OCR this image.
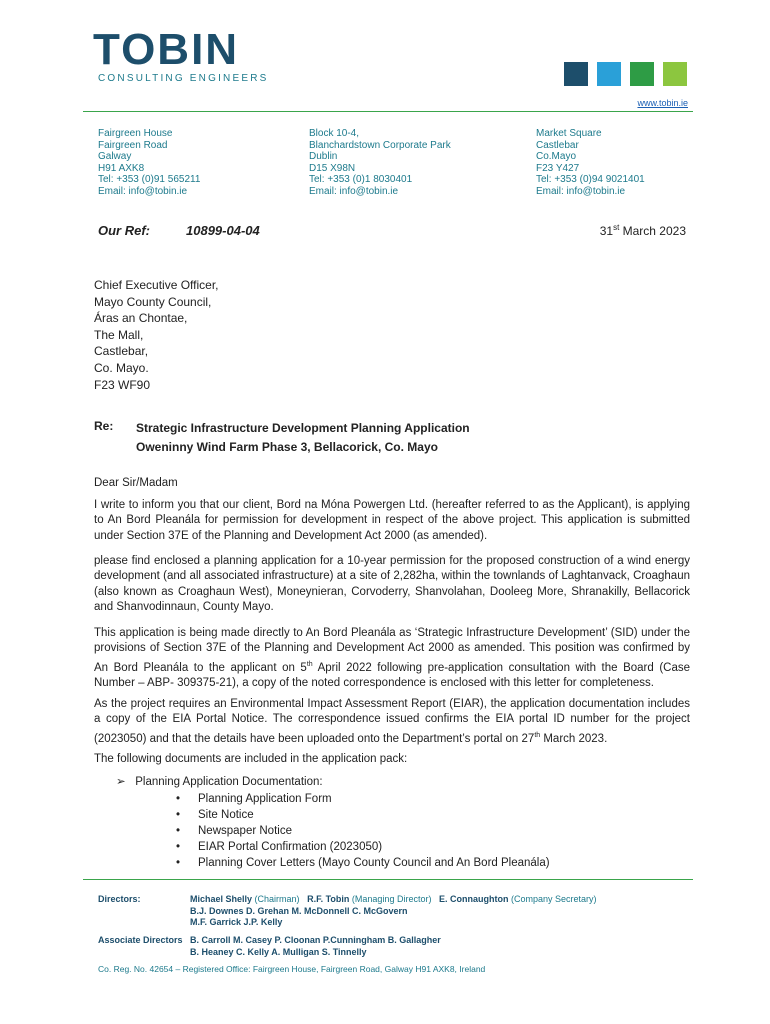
TOBIN
CONSULTING ENGINEERS
www.tobin.ie
Fairgreen House
Fairgreen Road
Galway
H91 AXK8
Tel: +353 (0)91 565211
Email: info@tobin.ie
Block 10-4,
Blanchardstown Corporate Park
Dublin
D15 X98N
Tel: +353 (0)1 8030401
Email: info@tobin.ie
Market Square
Castlebar
Co.Mayo
F23 Y427
Tel: +353 (0)94 9021401
Email: info@tobin.ie
Our Ref:	10899-04-04	31st March 2023
Chief Executive Officer,
Mayo County Council,
Áras an Chontae,
The Mall,
Castlebar,
Co. Mayo.
F23 WF90
Re: Strategic Infrastructure Development Planning Application
Oweninny Wind Farm Phase 3, Bellacorick, Co. Mayo
Dear Sir/Madam
I write to inform you that our client, Bord na Móna Powergen Ltd. (hereafter referred to as the Applicant), is applying to An Bord Pleanála for permission for development in respect of the above project. This application is submitted under Section 37E of the Planning and Development Act 2000 (as amended).
please find enclosed a planning application for a 10-year permission for the proposed construction of a wind energy development (and all associated infrastructure) at a site of 2,282ha, within the townlands of Laghtanvack, Croaghaun (also known as Croaghaun West), Moneynieran, Corvoderry, Shanvolahan, Dooleeg More, Shranakilly, Bellacorick and Shanvodinnaun, County Mayo.
This application is being made directly to An Bord Pleanála as ‘Strategic Infrastructure Development’ (SID) under the provisions of Section 37E of the Planning and Development Act 2000 as amended. This position was confirmed by An Bord Pleanála to the applicant on 5th April 2022 following pre-application consultation with the Board (Case Number – ABP- 309375-21), a copy of the noted correspondence is enclosed with this letter for completeness.
As the project requires an Environmental Impact Assessment Report (EIAR), the application documentation includes a copy of the EIA Portal Notice. The correspondence issued confirms the EIA portal ID number for the project (2023050) and that the details have been uploaded onto the Department’s portal on 27th March 2023.
The following documents are included in the application pack:
➢ Planning Application Documentation:
• Planning Application Form
• Site Notice
• Newspaper Notice
• EIAR Portal Confirmation (2023050)
• Planning Cover Letters (Mayo County Council and An Bord Pleanála)
Directors:	Michael Shelly (Chairman) R.F. Tobin (Managing Director) E. Connaughton (Company Secretary)
B.J. Downes D. Grehan M. McDonnell C. McGovern
M.F. Garrick J.P. Kelly
Associate Directors B. Carroll M. Casey P. Cloonan P.Cunningham B. Gallagher
B. Heaney C. Kelly A. Mulligan S. Tinnelly
Co. Reg. No. 42654 – Registered Office: Fairgreen House, Fairgreen Road, Galway H91 AXK8, Ireland
